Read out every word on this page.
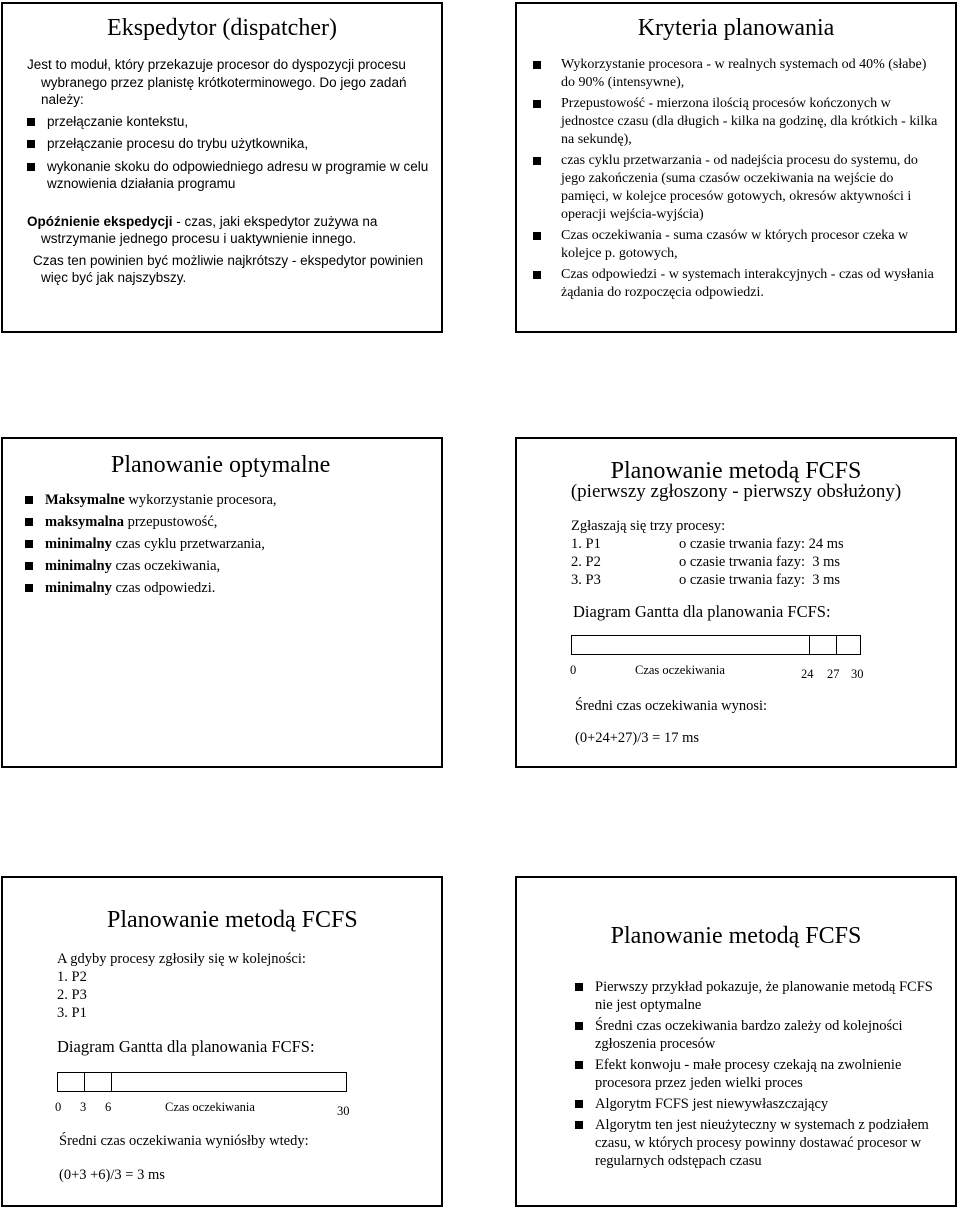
Ekspedytor (dispatcher)
Jest to moduł, który przekazuje procesor do dyspozycji procesu
wybranego przez planistę krótkoterminowego. Do jego zadań
należy:
przełączanie kontekstu,
przełączanie procesu do trybu użytkownika,
wykonanie skoku do odpowiedniego adresu w programie w celu wznowienia działania programu
Opóźnienie ekspedycji - czas, jaki ekspedytor zużywa na
wstrzymanie jednego procesu i uaktywnienie innego.
Czas ten powinien być możliwie najkrótszy - ekspedytor powinien
więc być jak najszybszy.
Kryteria planowania
Wykorzystanie procesora - w realnych systemach od 40% (słabe) do 90% (intensywne),
Przepustowość - mierzona ilością procesów kończonych w jednostce czasu (dla długich - kilka na godzinę, dla krótkich - kilka na sekundę),
czas cyklu przetwarzania - od nadejścia procesu do systemu, do jego zakończenia (suma czasów oczekiwania na wejście do pamięci, w kolejce procesów gotowych, okresów aktywności i operacji wejścia-wyjścia)
Czas oczekiwania - suma czasów w których procesor czeka w kolejce p. gotowych,
Czas odpowiedzi - w systemach interakcyjnych - czas od wysłania żądania do rozpoczęcia odpowiedzi.
Planowanie optymalne
Maksymalne wykorzystanie procesora,
maksymalna przepustowość,
minimalny czas cyklu przetwarzania,
minimalny czas oczekiwania,
minimalny czas odpowiedzi.
Planowanie metodą FCFS
(pierwszy zgłoszony - pierwszy obsłużony)
Zgłaszają się trzy procesy:
1. P1	o czasie trwania fazy: 24 ms
2. P2	o czasie trwania fazy:  3 ms
3. P3	o czasie trwania fazy:  3 ms
Diagram Gantta dla planowania FCFS:
0	Czas oczekiwania	24 27 30
Średni czas oczekiwania wynosi:
(0+24+27)/3 = 17 ms
Planowanie metodą FCFS
A gdyby procesy zgłosiły się w kolejności:
1. P2
2. P3
3. P1
Diagram Gantta dla planowania FCFS:
0 3 6	Czas oczekiwania	30
Średni czas oczekiwania wyniósłby wtedy:
(0+3 +6)/3 = 3 ms
Planowanie metodą FCFS
Pierwszy przykład pokazuje, że planowanie metodą FCFS nie jest optymalne
Średni czas oczekiwania bardzo zależy od kolejności zgłoszenia procesów
Efekt konwoju - małe procesy czekają na zwolnienie procesora przez jeden wielki proces
Algorytm FCFS jest niewywłaszczający
Algorytm ten jest nieużyteczny w systemach z podziałem czasu, w których procesy powinny dostawać procesor w regularnych odstępach czasu
